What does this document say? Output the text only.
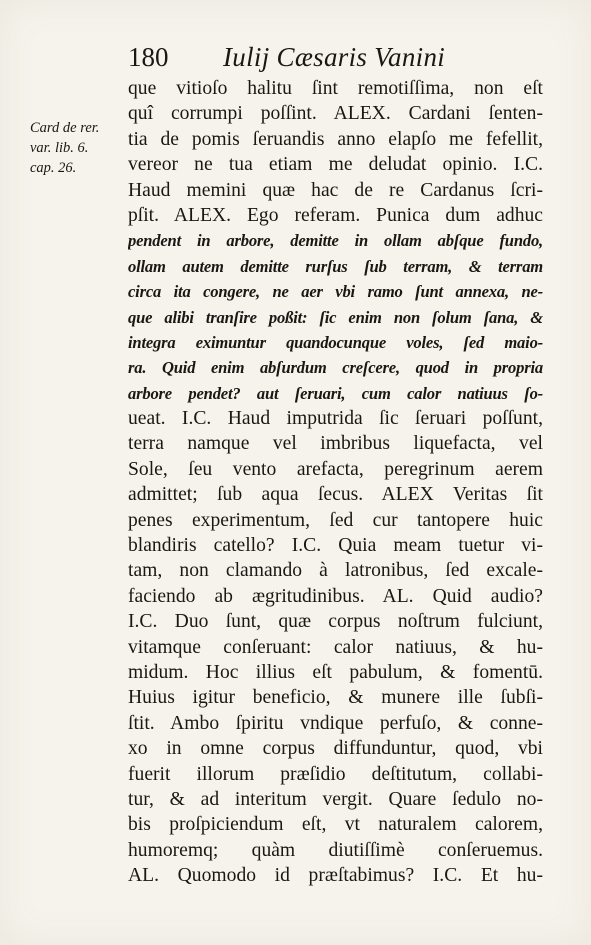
180 Iulij Cæsaris Vanini
Card de rer.
var. lib. 6.
cap. 26.
que vitioſo halitu ſint remotiſſima, non eſt
quî corrumpi poſſint. ALEX. Cardani ſenten-
tia de pomis ſeruandis anno elapſo me fefellit,
vereor ne tua etiam me deludat opinio. I.C.
Haud memini quæ hac de re Cardanus ſcri-
pſit. ALEX. Ego referam. Punica dum adhuc
pendent in arbore, demitte in ollam abſque fundo,
ollam autem demitte rurſus ſub terram, & terram
circa ita congere, ne aer vbi ramo ſunt annexa, ne-
que alibi tranſire poßit: ſic enim non ſolum ſana, &
integra eximuntur quandocunque voles, ſed maio-
ra. Quid enim abſurdum creſcere, quod in propria
arbore pendet? aut ſeruari, cum calor natiuus ſo-
ueat. I.C. Haud imputrida ſic ſeruari poſſunt,
terra namque vel imbribus liquefacta, vel
Sole, ſeu vento arefacta, peregrinum aerem
admittet; ſub aqua ſecus. ALEX Veritas ſit
penes experimentum, ſed cur tantopere huic
blandiris catello? I.C. Quia meam tuetur vi-
tam, non clamando à latronibus, ſed excale-
faciendo ab ægritudinibus. AL. Quid audio?
I.C. Duo ſunt, quæ corpus noſtrum fulciunt,
vitamque conſeruant: calor natiuus, & hu-
midum. Hoc illius eſt pabulum, & fomentū.
Huius igitur beneficio, & munere ille ſubſi-
ſtit. Ambo ſpiritu vndique perfuſo, & conne-
xo in omne corpus diffunduntur, quod, vbi
fuerit illorum præſidio deſtitutum, collabi-
tur, & ad interitum vergit. Quare ſedulo no-
bis proſpiciendum eſt, vt naturalem calorem,
humoremq; quàm diutiſſimè conſeruemus.
AL. Quomodo id præſtabimus? I.C. Et hu-
